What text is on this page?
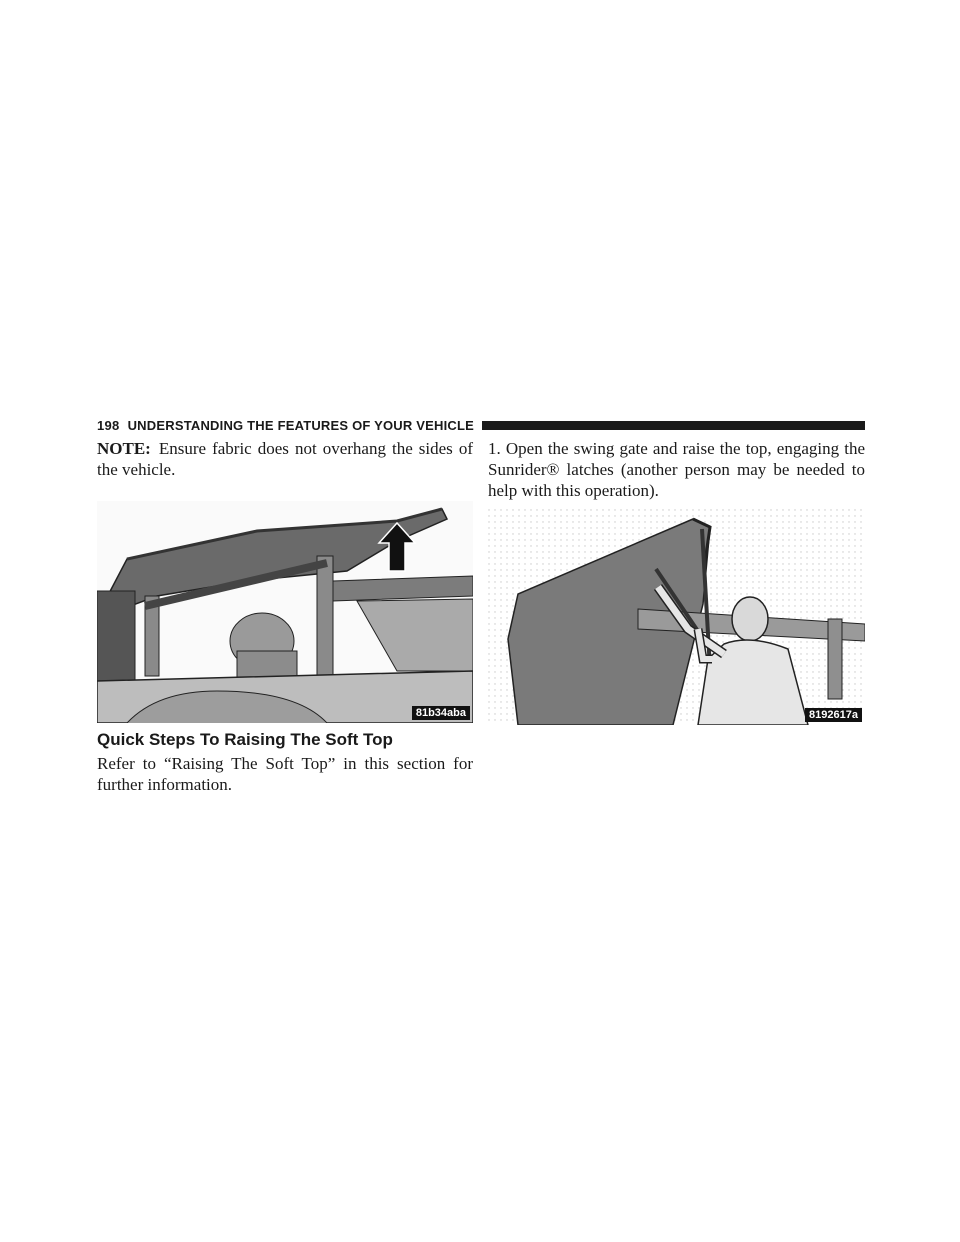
198 UNDERSTANDING THE FEATURES OF YOUR VEHICLE

NOTE: Ensure fabric does not overhang the sides of the vehicle.

81b34aba
Quick Steps To Raising The Soft Top

Refer to “Raising The Soft Top” in this section for further information.

1. Open the swing gate and raise the top, engaging the Sunrider® latches (another person may be needed to help with this operation).

8192617a
